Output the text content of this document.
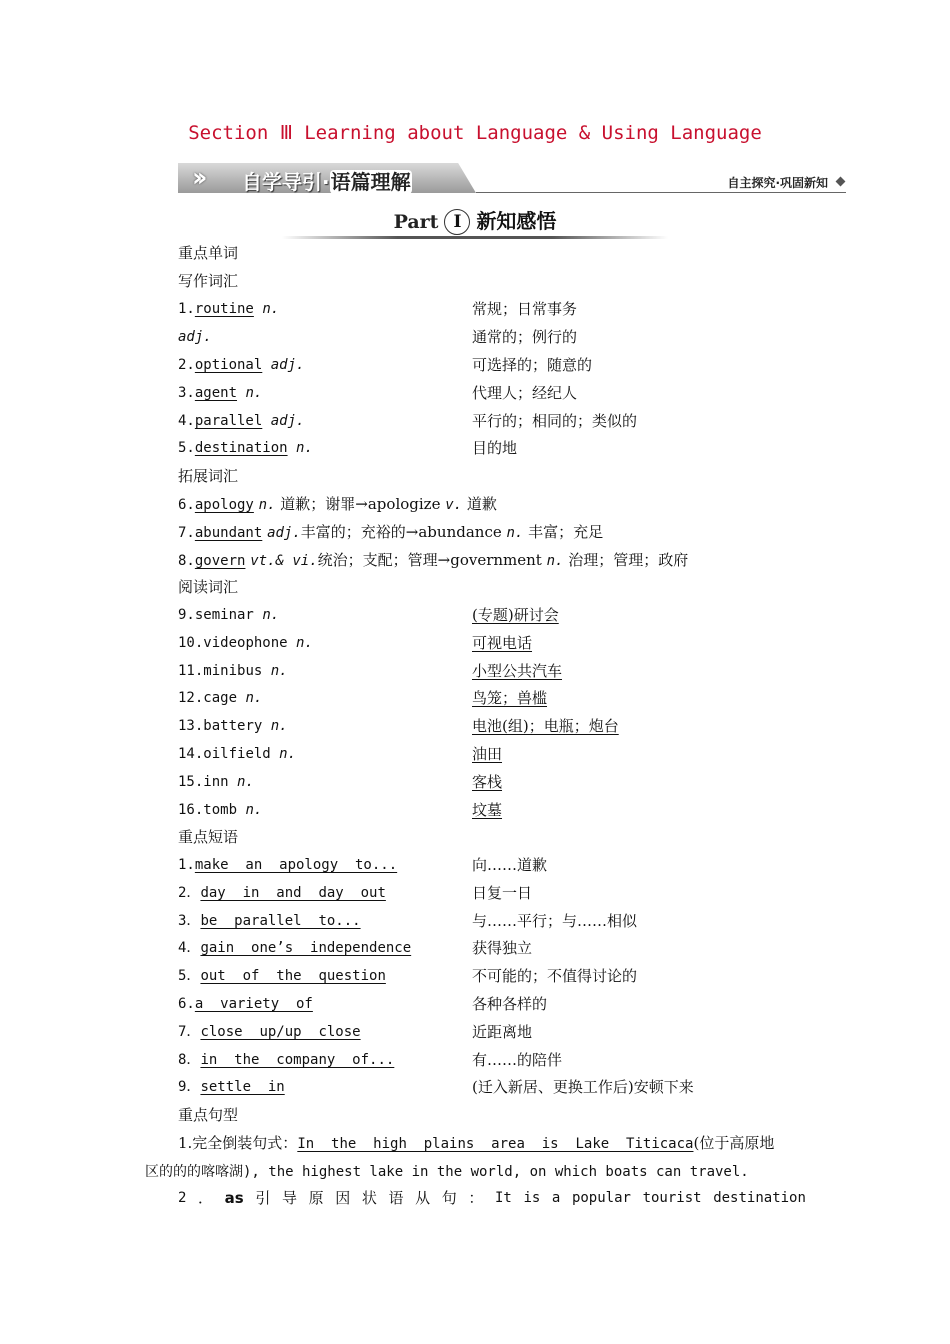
Section Ⅲ Learning about Language & Using Language
›› 自学导引·语篇理解	自主探究·巩固新知
Part Ⅰ 新知感悟
重点单词
写作词汇
1.routine n.	常规；日常事务
adj.	通常的；例行的
2.optional adj.	可选择的；随意的
3.agent n.	代理人；经纪人
4.parallel adj.	平行的；相同的；类似的
5.destination n.	目的地
拓展词汇
6.apology n. 道歉；谢罪→apologize v. 道歉
7.abundant adj.丰富的；充裕的→abundance n. 丰富；充足
8.govern vt.& vi.统治；支配；管理→government n. 治理；管理；政府
阅读词汇
9.seminar n.	(专题)研讨会
10.videophone n.	可视电话
11.minibus n.	小型公共汽车
12.cage n.	鸟笼；兽槛
13.battery n.	电池(组)；电瓶；炮台
14.oilfield n.	油田
15.inn n.	客栈
16.tomb n.	坟墓
重点短语
1.make  an  apology  to...	向……道歉
2．day  in  and  day  out	日复一日
3．be  parallel  to...	与……平行；与……相似
4．gain  one’s  independence	获得独立
5．out  of  the  question	不可能的；不值得讨论的
6.a  variety  of	各种各样的
7．close  up/up  close	近距离地
8．in  the  company  of...	有……的陪伴
9．settle  in	(迁入新居、更换工作后)安顿下来
重点句型
1.完全倒装句式：In  the  high  plains  area  is  Lake  Titicaca(位于高原地
区的的的喀喀湖), the highest lake in the world, on which boats can travel.
2 ． as 引 导 原 因 状 语 从 句 ： It is a popular tourist destination
